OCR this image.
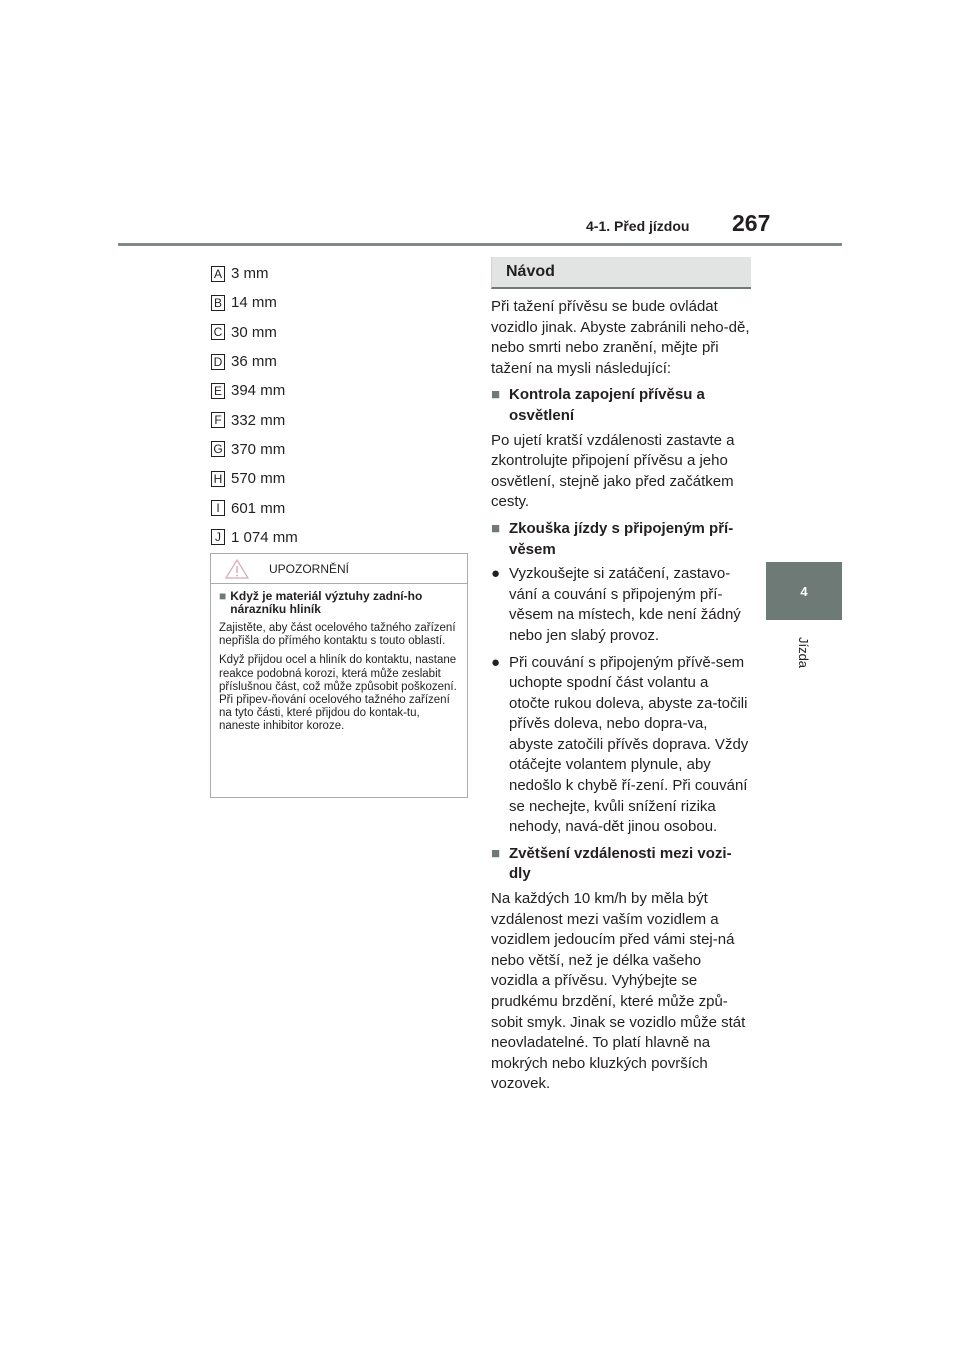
4-1. Před jízdou 267
4
Jízda
A 3 mm
B 14 mm
C 30 mm
D 36 mm
E 394 mm
F 332 mm
G 370 mm
H 570 mm
I 601 mm
J 1 074 mm
UPOZORNĚNÍ
■ Když je materiál výztuhy zadní-ho nárazníku hliník

Zajistěte, aby část ocelového tažného zařízení nepřišla do přímého kontaktu s touto oblastí.

Když přijdou ocel a hliník do kontaktu, nastane reakce podobná korozi, která může zeslabit příslušnou část, což může způsobit poškození. Při připev-ňování ocelového tažného zařízení na tyto části, které přijdou do kontak-tu, naneste inhibitor koroze.

Návod

Při tažení přívěsu se bude ovládat vozidlo jinak. Abyste zabránili neho-dě, nebo smrti nebo zranění, mějte při tažení na mysli následující:

■ Kontrola zapojení přívěsu a osvětlení

Po ujetí kratší vzdálenosti zastavte a zkontrolujte připojení přívěsu a jeho osvětlení, stejně jako před začátkem cesty.

■ Zkouška jízdy s připojeným pří-věsem
● Vyzkoušejte si zatáčení, zastavo-vání a couvání s připojeným pří-věsem na místech, kde není žádný nebo jen slabý provoz.
● Při couvání s připojeným přívě-sem uchopte spodní část volantu a otočte rukou doleva, abyste za-točili přívěs doleva, nebo dopra-va, abyste zatočili přívěs doprava. Vždy otáčejte volantem plynule, aby nedošlo k chybě ří-zení. Při couvání se nechejte, kvůli snížení rizika nehody, navá-dět jinou osobou.
■ Zvětšení vzdálenosti mezi vozi-dly

Na každých 10 km/h by měla být vzdálenost mezi vaším vozidlem a vozidlem jedoucím před vámi stej-ná nebo větší, než je délka vašeho vozidla a přívěsu. Vyhýbejte se prudkému brzdění, které může způ-sobit smyk. Jinak se vozidlo může stát neovladatelné. To platí hlavně na mokrých nebo kluzkých površích vozovek.
